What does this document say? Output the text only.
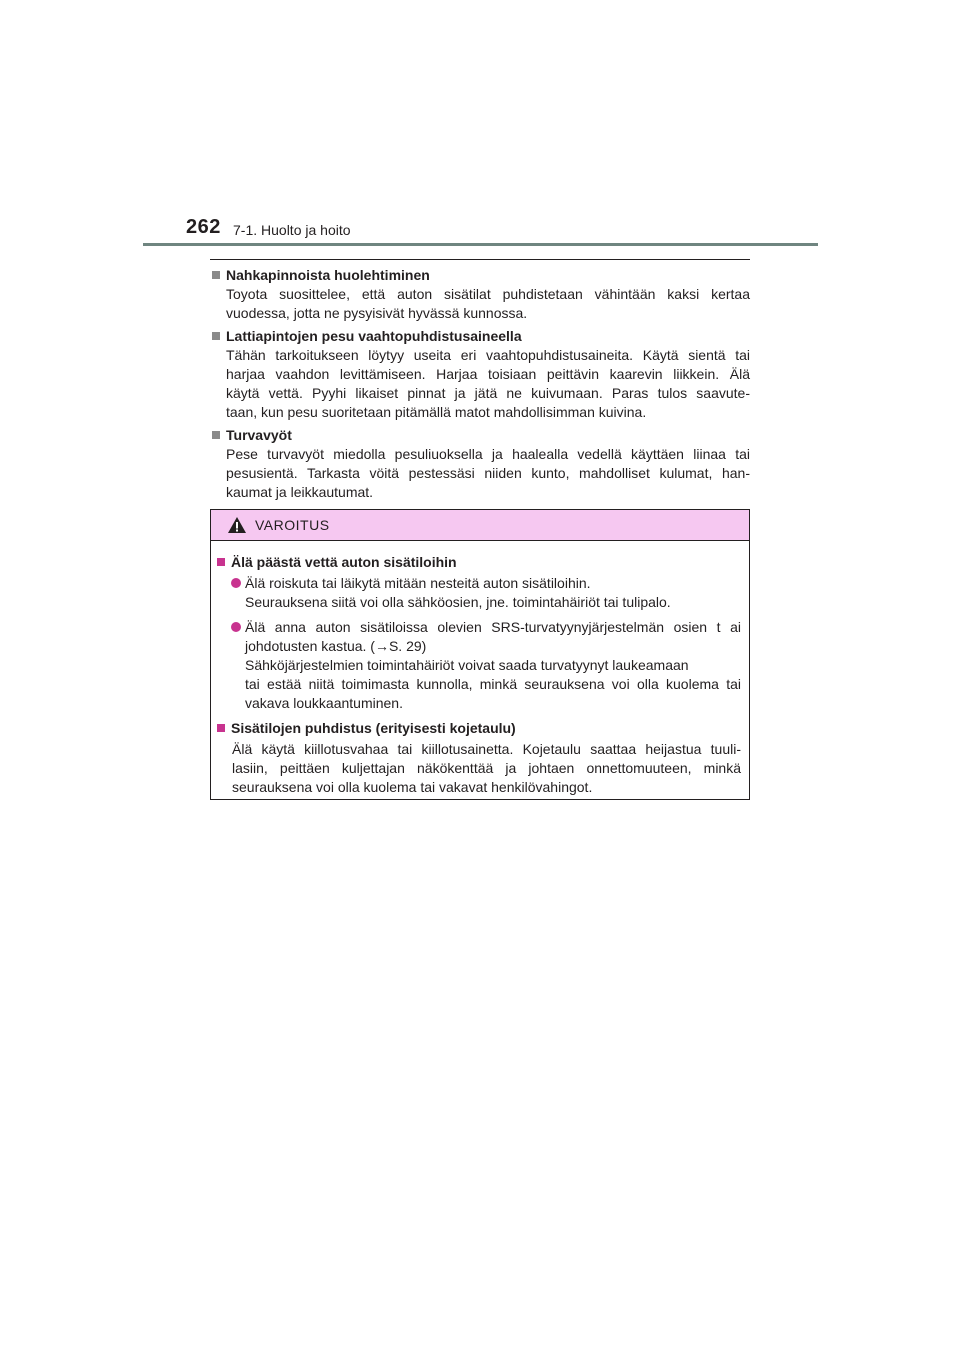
262 7-1. Huolto ja hoito
Nahkapinnoista huolehtiminen
Toyota suosittelee, että auton sisätilat puhdistetaan vähintään kaksi kertaa
vuodessa, jotta ne pysyisivät hyvässä kunnossa.
Lattiapintojen pesu vaahtopuhdistusaineella
Tähän tarkoitukseen löytyy useita eri vaahtopuhdistusaineita. Käytä sientä tai
harjaa vaahdon levittämiseen. Harjaa toisiaan peittävin kaarevin liikkein. Älä
käytä vettä. Pyyhi likaiset pinnat ja jätä ne kuivumaan. Paras tulos saavute-
taan, kun pesu suoritetaan pitämällä matot mahdollisimman kuivina.
Turvavyöt
Pese turvavyöt miedolla pesuliuoksella ja haalealla vedellä käyttäen liinaa tai
pesusientä. Tarkasta vöitä pestessäsi niiden kunto, mahdolliset kulumat, han-
kaumat ja leikkautumat.
VAROITUS
Älä päästä vettä auton sisätiloihin
Älä roiskuta tai läikytä mitään nesteitä auton sisätiloihin.
Seurauksena siitä voi olla sähköosien, jne. toimintahäiriöt tai tulipalo.
Älä anna auton sisätiloissa olevien SRS-turvatyynyjärjestelmän osien t ai
johdotusten kastua. (→S. 29)
Sähköjärjestelmien toimintahäiriöt voivat saada turvatyynyt laukeamaan
tai estää niitä toimimasta kunnolla, minkä seurauksena voi olla kuolema tai
vakava loukkaantuminen.
Sisätilojen puhdistus (erityisesti kojetaulu)
Älä käytä kiillotusvahaa tai kiillotusainetta. Kojetaulu saattaa heijastua tuuli-
lasiin, peittäen kuljettajan näkökenttää ja johtaen onnettomuuteen, minkä
seurauksena voi olla kuolema tai vakavat henkilövahingot.
